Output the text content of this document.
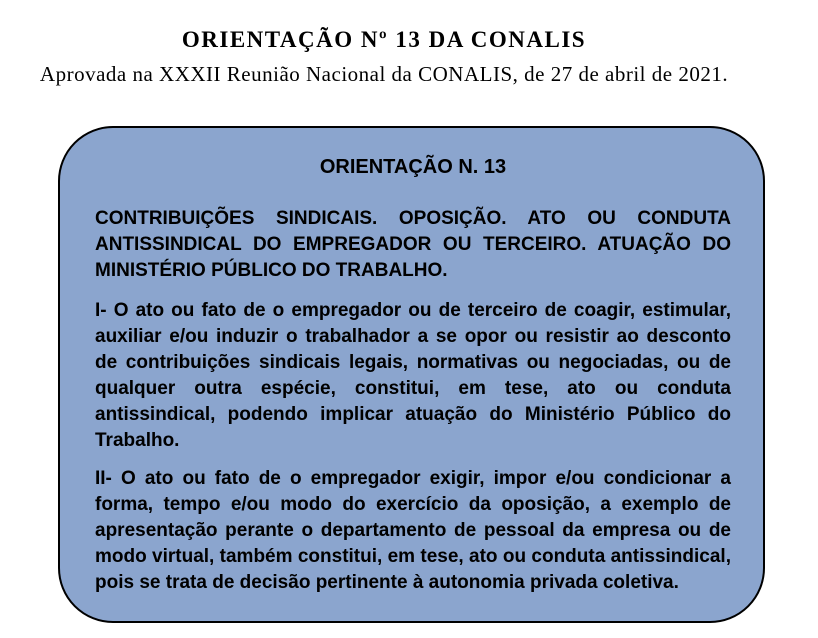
ORIENTAÇÃO Nº 13 DA CONALIS

Aprovada na XXXII Reunião Nacional da CONALIS, de 27 de abril de 2021.

ORIENTAÇÃO N. 13

CONTRIBUIÇÕES SINDICAIS. OPOSIÇÃO. ATO OU CONDUTA ANTISSINDICAL DO EMPREGADOR OU TERCEIRO. ATUAÇÃO DO MINISTÉRIO PÚBLICO DO TRABALHO.

I- O ato ou fato de o empregador ou de terceiro de coagir, estimular, auxiliar e/ou induzir o trabalhador a se opor ou resistir ao desconto de contribuições sindicais legais, normativas ou negociadas, ou de qualquer outra espécie, constitui, em tese, ato ou conduta antissindical, podendo implicar atuação do Ministério Público do Trabalho.

II- O ato ou fato de o empregador exigir, impor e/ou condicionar a forma, tempo e/ou modo do exercício da oposição, a exemplo de apresentação perante o departamento de pessoal da empresa ou de modo virtual, também constitui, em tese, ato ou conduta antissindical, pois se trata de decisão pertinente à autonomia privada coletiva.
